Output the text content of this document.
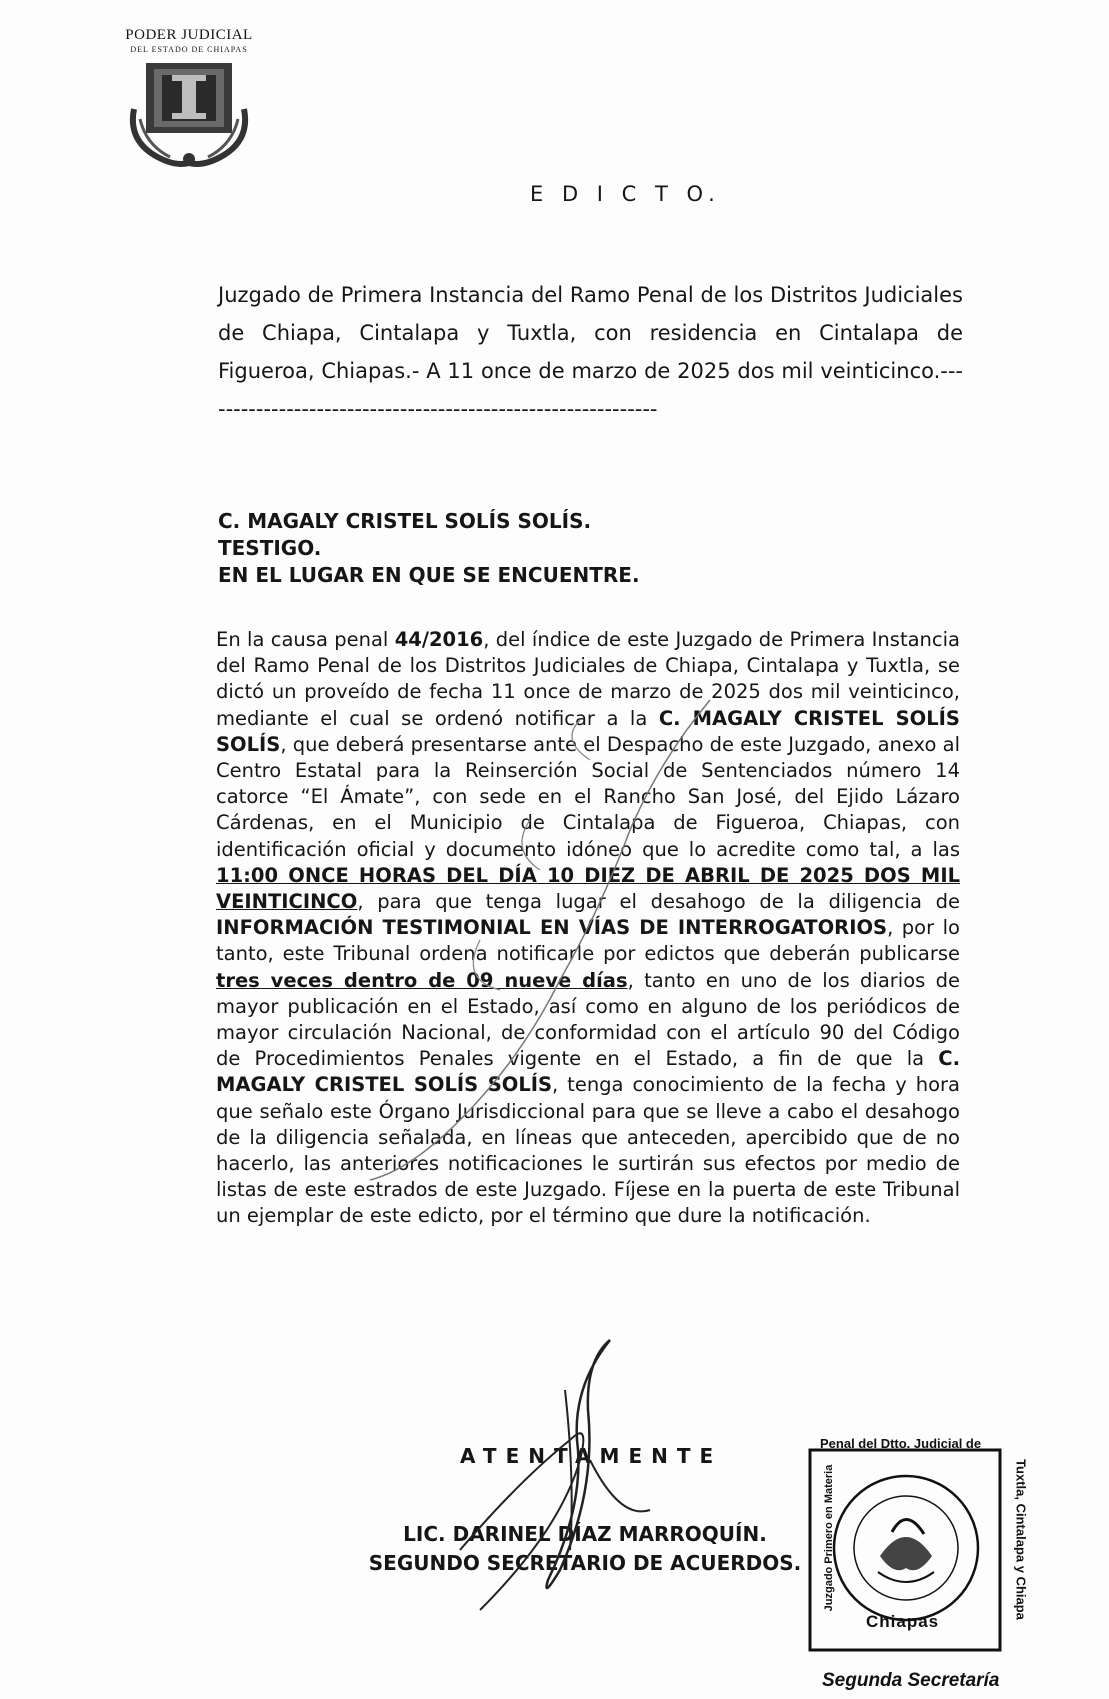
PODER JUDICIAL
DEL ESTADO DE CHIAPAS
E D I C T O.
Juzgado de Primera Instancia del Ramo Penal de los Distritos Judiciales de Chiapa, Cintalapa y Tuxtla, con residencia en Cintalapa de Figueroa, Chiapas.- A 11 once de marzo de 2025 dos mil veinticinco.-------------------------------------------------------------
C. MAGALY CRISTEL SOLÍS SOLÍS.
TESTIGO.
EN EL LUGAR EN QUE SE ENCUENTRE.
En la causa penal 44/2016, del índice de este Juzgado de Primera Instancia del Ramo Penal de los Distritos Judiciales de Chiapa, Cintalapa y Tuxtla, se dictó un proveído de fecha 11 once de marzo de 2025 dos mil veinticinco, mediante el cual se ordenó notificar a la C. MAGALY CRISTEL SOLÍS SOLÍS, que deberá presentarse ante el Despacho de este Juzgado, anexo al Centro Estatal para la Reinserción Social de Sentenciados número 14 catorce “El Ámate”, con sede en el Rancho San José, del Ejido Lázaro Cárdenas, en el Municipio de Cintalapa de Figueroa, Chiapas, con identificación oficial y documento idóneo que lo acredite como tal, a las 11:00 ONCE HORAS DEL DÍA 10 DIEZ DE ABRIL DE 2025 DOS MIL VEINTICINCO, para que tenga lugar el desahogo de la diligencia de INFORMACIÓN TESTIMONIAL EN VÍAS DE INTERROGATORIOS, por lo tanto, este Tribunal ordena notificarle por edictos que deberán publicarse tres veces dentro de 09 nueve días, tanto en uno de los diarios de mayor publicación en el Estado, así como en alguno de los periódicos de mayor circulación Nacional, de conformidad con el artículo 90 del Código de Procedimientos Penales vigente en el Estado, a fin de que la C. MAGALY CRISTEL SOLÍS SOLÍS, tenga conocimiento de la fecha y hora que señalo este Órgano Jurisdiccional para que se lleve a cabo el desahogo de la diligencia señalada, en líneas que anteceden, apercibido que de no hacerlo, las anteriores notificaciones le surtirán sus efectos por medio de listas de este estrados de este Juzgado. Fíjese en la puerta de este Tribunal un ejemplar de este edicto, por el término que dure la notificación.
ATENTAMENTE
LIC. DARINEL DÍAZ MARROQUÍN.
SEGUNDO SECRETARIO DE ACUERDOS.
Penal del Dtto. Judicial de
Juzgado Primero en Materia	Tuxtla, Cintalapa y Chiapa
Chiapas
Segunda Secretaría
